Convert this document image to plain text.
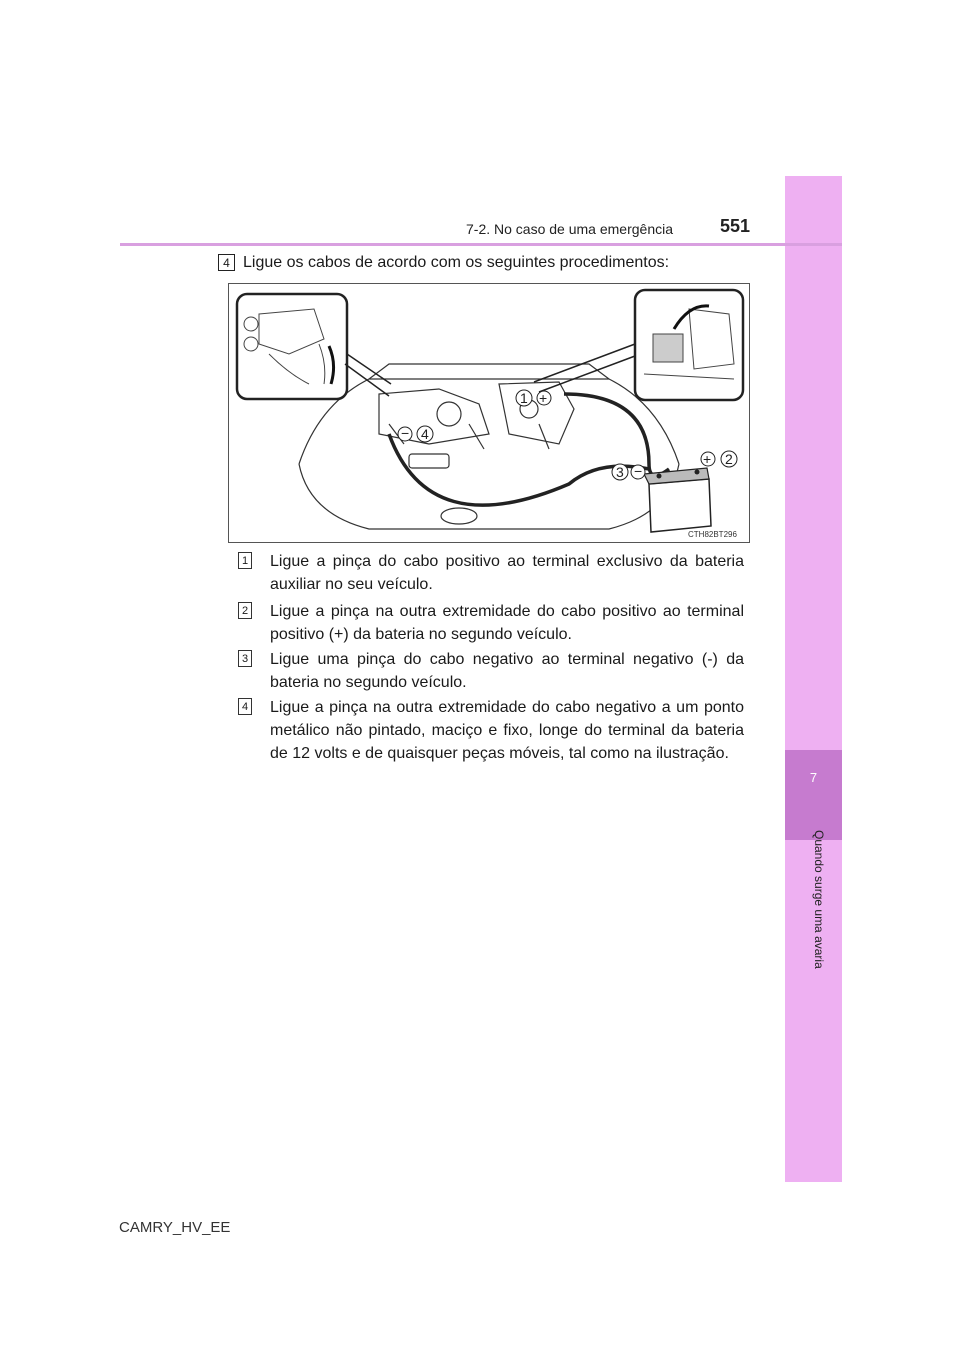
7
Quando surge uma avaria
7-2. No caso de uma emergência	551
4 Ligue os cabos de acordo com os seguintes procedimentos:
1 +
2
+
3 −
4
−
CTH82BT296
1 Ligue a pinça do cabo positivo ao terminal exclusivo da bateria auxiliar no seu veículo.
2 Ligue a pinça na outra extremidade do cabo positivo ao terminal positivo (+) da bateria no segundo veículo.
3 Ligue uma pinça do cabo negativo ao terminal negativo (-) da bateria no segundo veículo.
4 Ligue a pinça na outra extremidade do cabo negativo a um ponto metálico não pintado, maciço e fixo, longe do terminal da bateria de 12 volts e de quaisquer peças móveis, tal como na ilustração.
CAMRY_HV_EE
